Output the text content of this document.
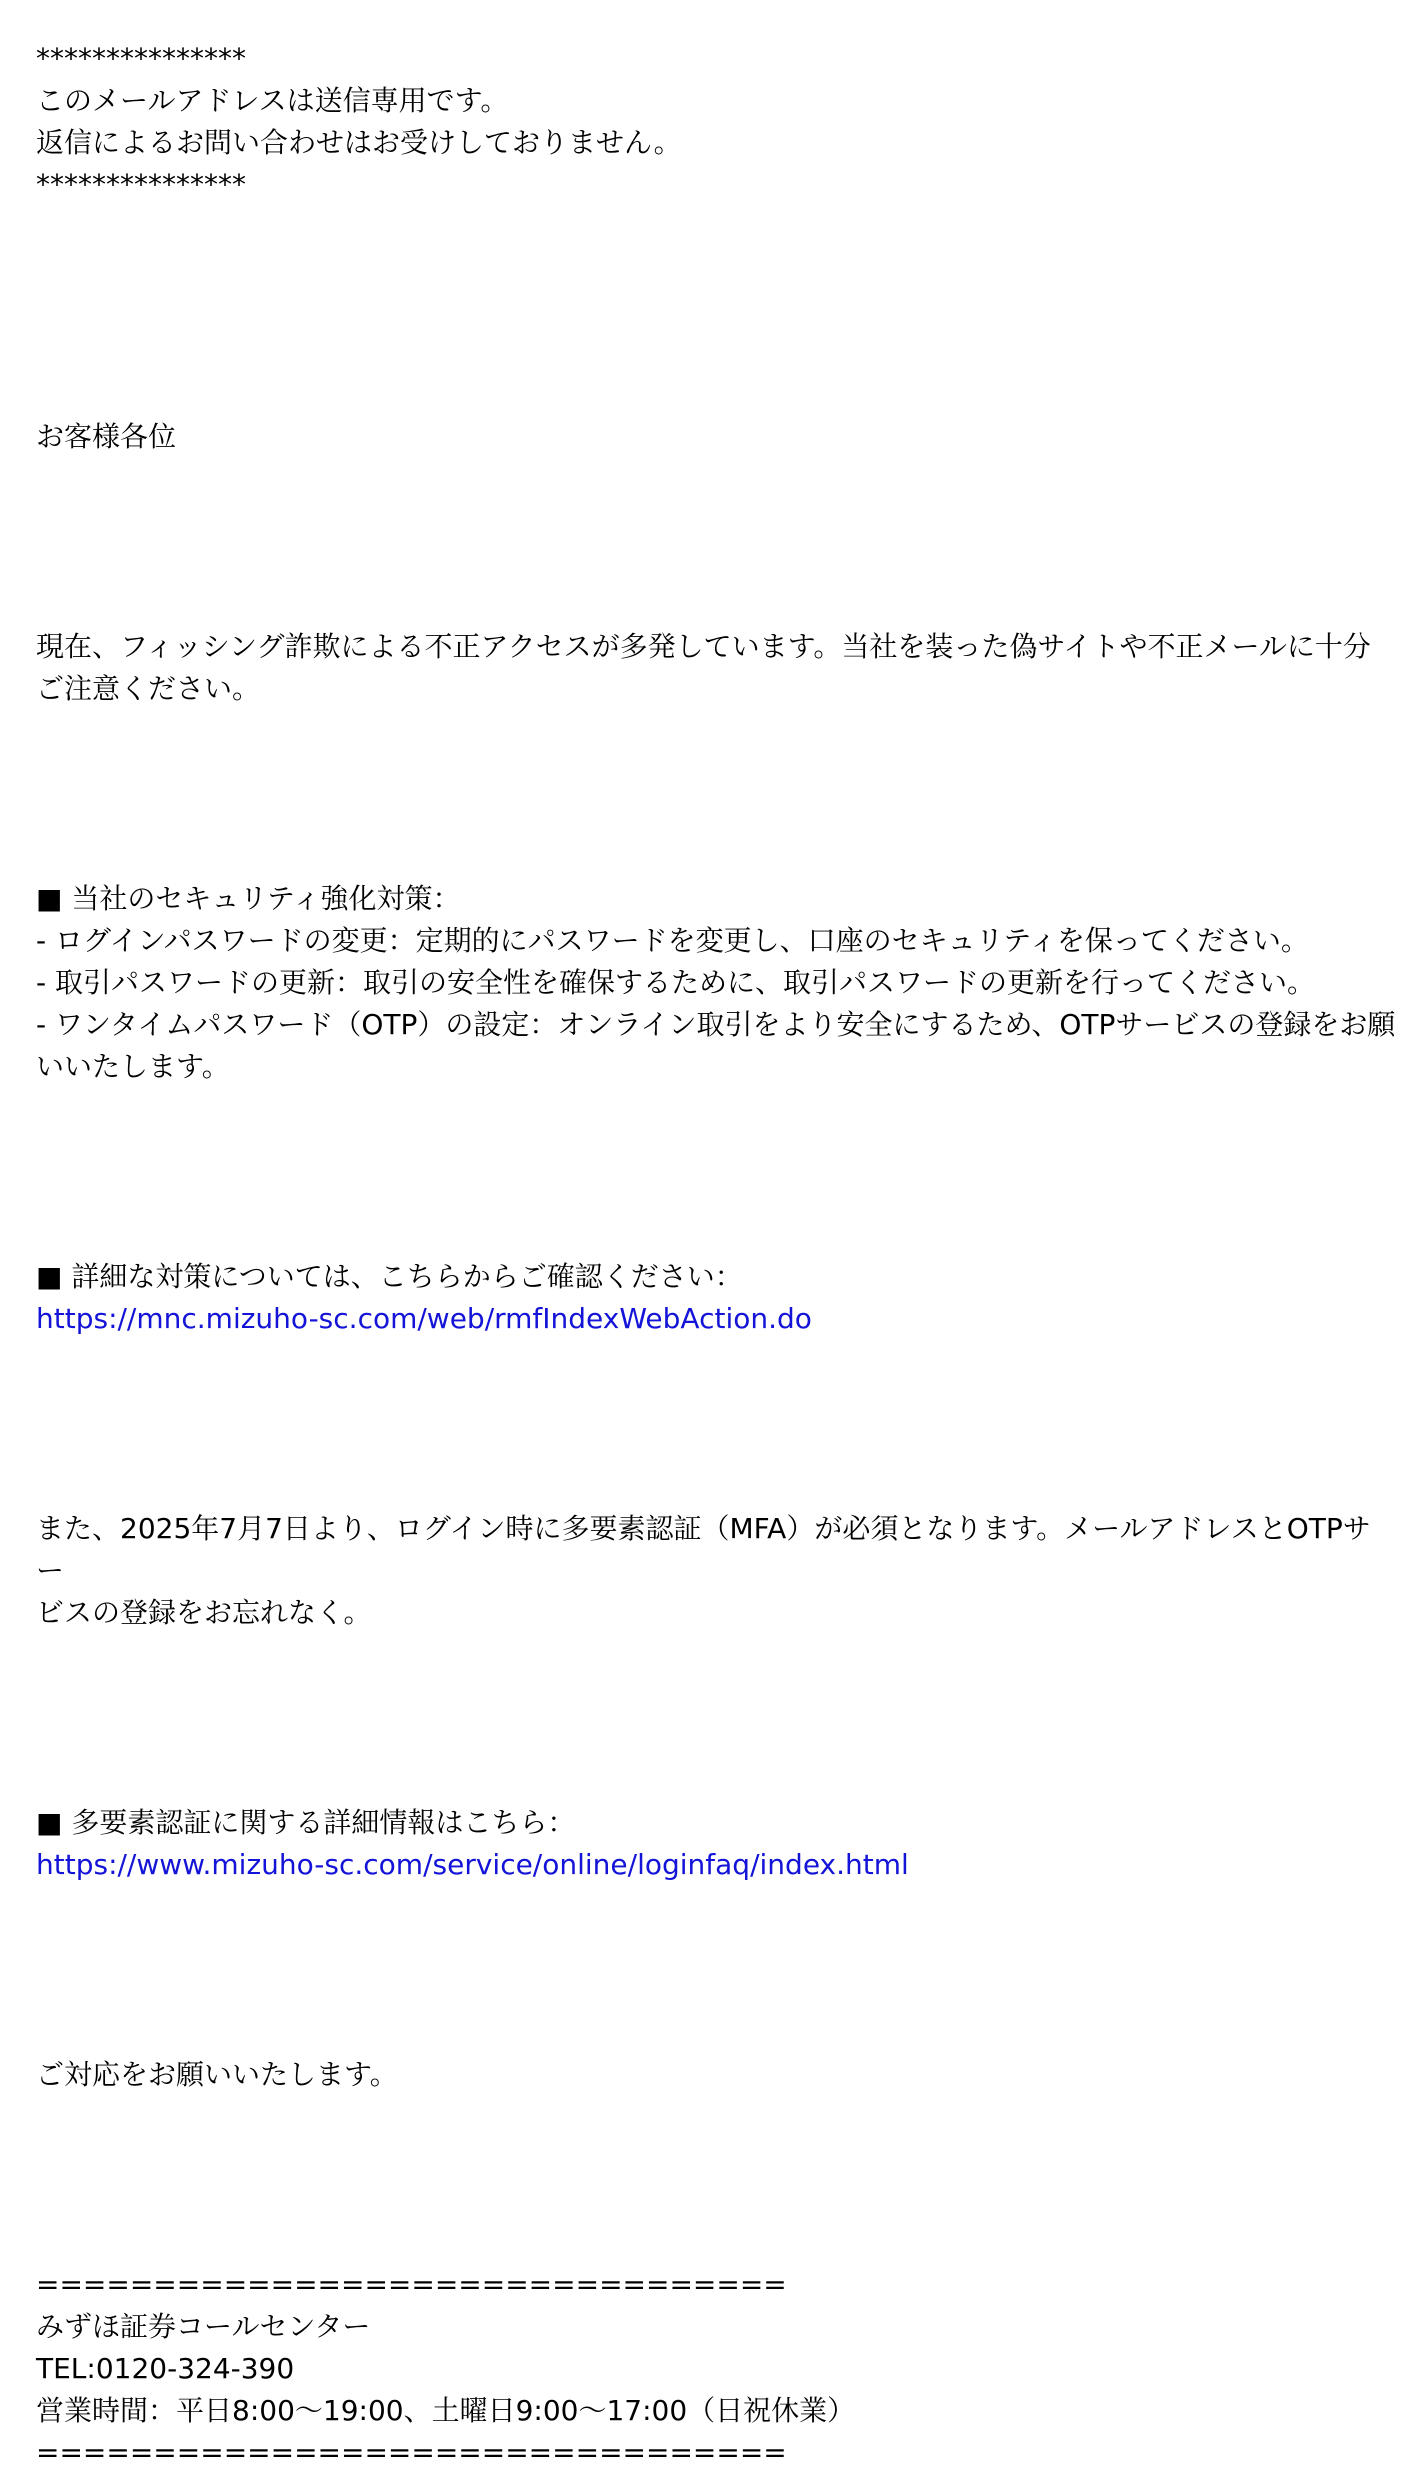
***************
このメールアドレスは送信専用です。
返信によるお問い合わせはお受けしておりません。
***************
お客様各位
現在、フィッシング詐欺による不正アクセスが多発しています。当社を装った偽サイトや不正メールに十分
ご注意ください。
■ 当社のセキュリティ強化対策：
- ログインパスワードの変更：定期的にパスワードを変更し、口座のセキュリティを保ってください。
- 取引パスワードの更新：取引の安全性を確保するために、取引パスワードの更新を行ってください。
- ワンタイムパスワード（OTP）の設定：オンライン取引をより安全にするため、OTPサービスの登録をお願
いいたします。
■ 詳細な対策については、こちらからご確認ください：
https://mnc.mizuho-sc.com/web/rmfIndexWebAction.do
また、2025年7月7日より、ログイン時に多要素認証（MFA）が必須となります。メールアドレスとOTPサー
ビスの登録をお忘れなく。
■ 多要素認証に関する詳細情報はこちら：
https://www.mizuho-sc.com/service/online/loginfaq/index.html
ご対応をお願いいたします。
================================
みずほ証券コールセンター
TEL:0120-324-390
営業時間：平日8:00〜19:00、土曜日9:00〜17:00（日祝休業）
================================
